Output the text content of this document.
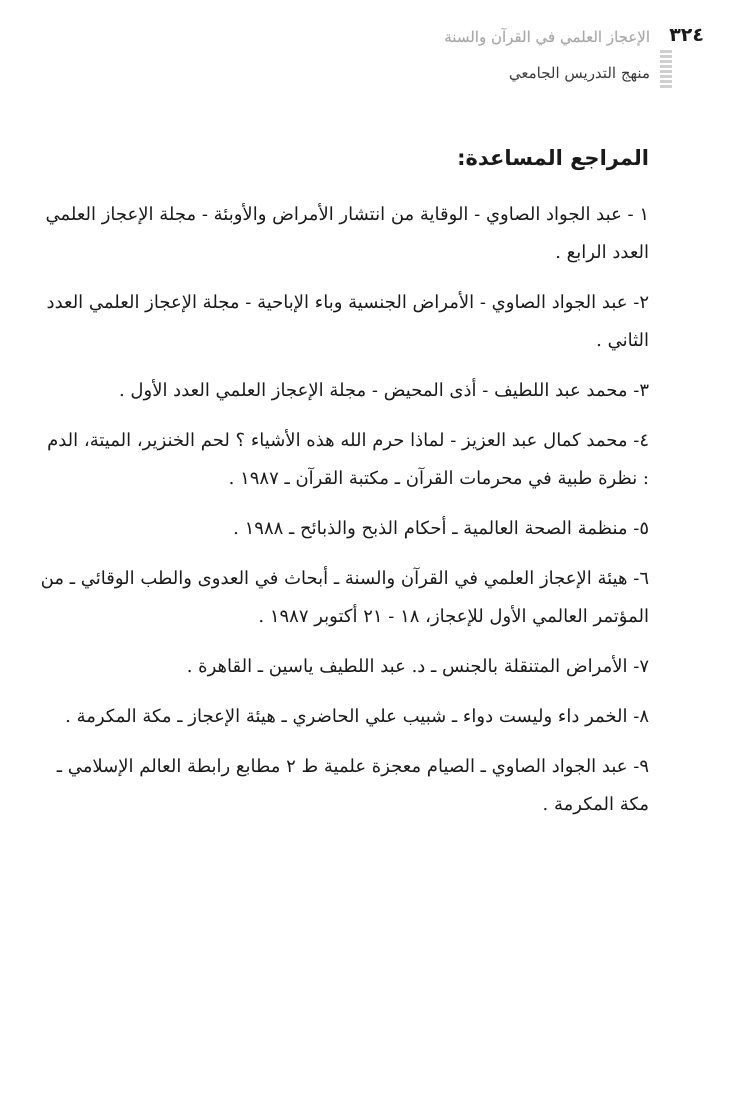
٣٢٤
الإعجاز العلمي في القرآن والسنة
منهج التدريس الجامعي
المراجع المساعدة:
١ - عبد الجواد الصاوي - الوقاية من انتشار الأمراض والأوبئة - مجلة الإعجاز العلمي العدد الرابع .
٢- عبد الجواد الصاوي - الأمراض الجنسية وباء الإباحية - مجلة الإعجاز العلمي العدد الثاني .
٣- محمد عبد اللطيف - أذى المحيض - مجلة الإعجاز العلمي العدد الأول .
٤- محمد كمال عبد العزيز - لماذا حرم الله هذه الأشياء ؟ لحم الخنزير، الميتة، الدم : نظرة طبية في محرمات القرآن ـ مكتبة القرآن ـ ١٩٨٧ .
٥- منظمة الصحة العالمية ـ أحكام الذبح والذبائح ـ ١٩٨٨ .
٦- هيئة الإعجاز العلمي في القرآن والسنة ـ أبحاث في العدوى والطب الوقائي ـ من المؤتمر العالمي الأول للإعجاز، ١٨ - ٢١ أكتوبر ١٩٨٧ .
٧- الأمراض المتنقلة بالجنس ـ د. عبد اللطيف ياسين ـ القاهرة .
٨- الخمر داء وليست دواء ـ شبيب علي الحاضري ـ هيئة الإعجاز ـ مكة المكرمة .
٩- عبد الجواد الصاوي ـ الصيام معجزة علمية ط ٢ مطابع رابطة العالم الإسلامي ـ مكة المكرمة .
